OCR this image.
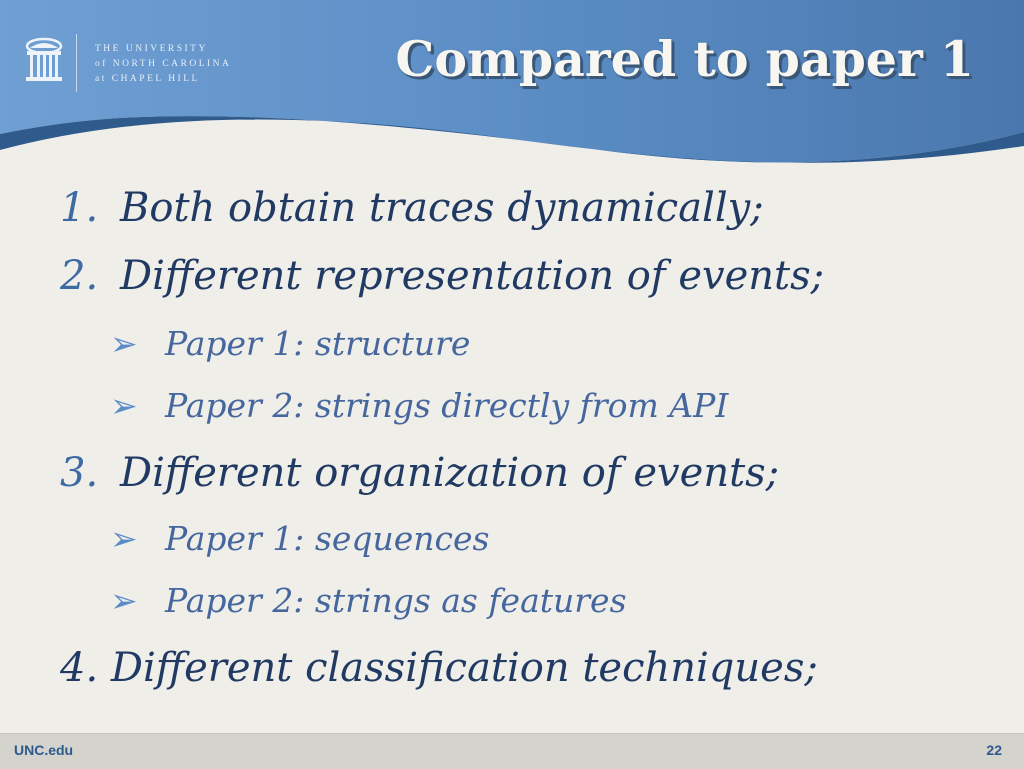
THE UNIVERSITY
of NORTH CAROLINA
at CHAPEL HILL	Compared to paper 1
1. Both obtain traces dynamically;
2. Different representation of events;
➢ Paper 1: structure
➢ Paper 2: strings directly from API
3. Different organization of events;
➢ Paper 1: sequences
➢ Paper 2: strings as features
4. Different classification techniques;
UNC.edu	22
